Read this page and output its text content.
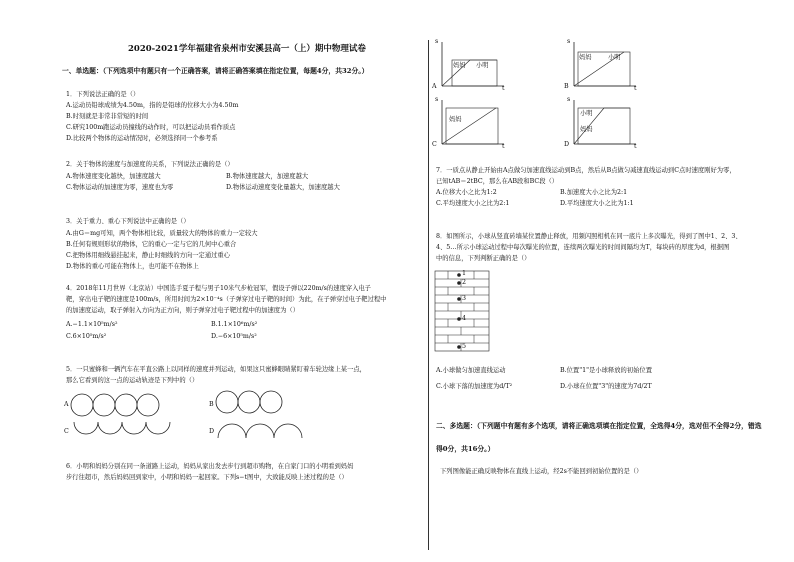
2020-2021学年福建省泉州市安溪县高一（上）期中物理试卷
一、单选题：（下列选项中有题只有一个正确答案，请将正确答案填在指定位置，每题4分，共32分。）
1．下列说法正确的是（）
A.运动员铅球成绩为4.50m，指的是铅球的位移大小为4.50m
B.时刻就是非常非常短的时间
C.研究100m跑运动员撞线的动作时，可以把运动员看作质点
D.比较两个物体的运动情况时，必须选择同一个参考系
2．关于物体的速度与加速度的关系，下列说法正确的是（）
A.物体速度变化越快，加速度越大	B.物体速度越大，加速度越大
C.物体运动的加速度为零，速度也为零	D.物体运动速度变化量越大，加速度越大
3．关于重力、重心下列说法中正确的是（）
A.由G＝mg可知，两个物体相比较，质量较大的物体的重力一定较大
B.任何有规则形状的物体，它的重心一定与它的几何中心重合
C.把物体用细线悬挂起来，静止时细线的方向一定通过重心
D.物体的重心可能在物体上，也可能不在物体上
4．2018年11月世界（北京站）中国选手夏子程与男子10米气步枪冠军，假设子弹以220m/s的速度穿入电子
靶，穿出电子靶的速度是100m/s，所用时间为2×10⁻⁴s（子弹穿过电子靶的时间）为此，在子弹穿过电子靶过程中
的加速度运动，取子弹射入方向为正方向，则子弹穿过电子靶过程中的加速度为（）
A.−1.1×10⁵m/s²	B.1.1×10⁶m/s²
C.6×10⁵m/s²	D.−6×10⁵m/s²
5．一只蜜蜂和一辆汽车在平直公路上以同样的速度并列运动，如果这只蜜蜂眼睛紧盯着车轮边缘上某一点，
那么它看到的这一点的运动轨迹是下列中的（）
A	B
C	D
6．小明和妈妈分别在同一条道路上运动，妈妈从家出发去步行到超市购物，在自家门口的小明看到妈妈
步行往超市，然后妈妈回到家中，小明和妈妈一起回家。下列s−t图中，大致能反映上述过程的是（）
A
s
t
妈妈 小明
B
s
t
妈妈	小明
C
s
t
妈妈
D
s
t
小明
妈妈
7．一质点从静止开始由A点做匀加速直线运动到B点，然后从B点做匀减速直线运动到C点时速度刚好为零，
已知tAB＝2tBC，那么在AB段和BC段（）
A.位移大小之比为1:2	B.加速度大小之比为2:1
C.平均速度大小之比为2:1	D.平均速度大小之比为1:1
8．如图所示，小球从竖直砖墙某位置静止释放，用频闪照相机在同一底片上多次曝光，得到了图中1、2、3、
4、5…所示小球运动过程中每次曝光的位置，连续两次曝光的时间间隔均为T，每块砖的厚度为d，根据图
中的信息，下列判断正确的是（）
1
2
3
4
5
A.小球做匀加速直线运动	B.位置"1"是小球释放的初始位置
C.小球下落的加速度为d/T²	D.小球在位置"3"的速度为7d/2T
二、多选题：（下列题中有题有多个选项，请将正确选项填在指定位置，全选得4分，选对但不全得2分，错选
得0分，共16分。）
下列图像能正确反映物体在直线上运动，经2s不能回到初始位置的是（）
